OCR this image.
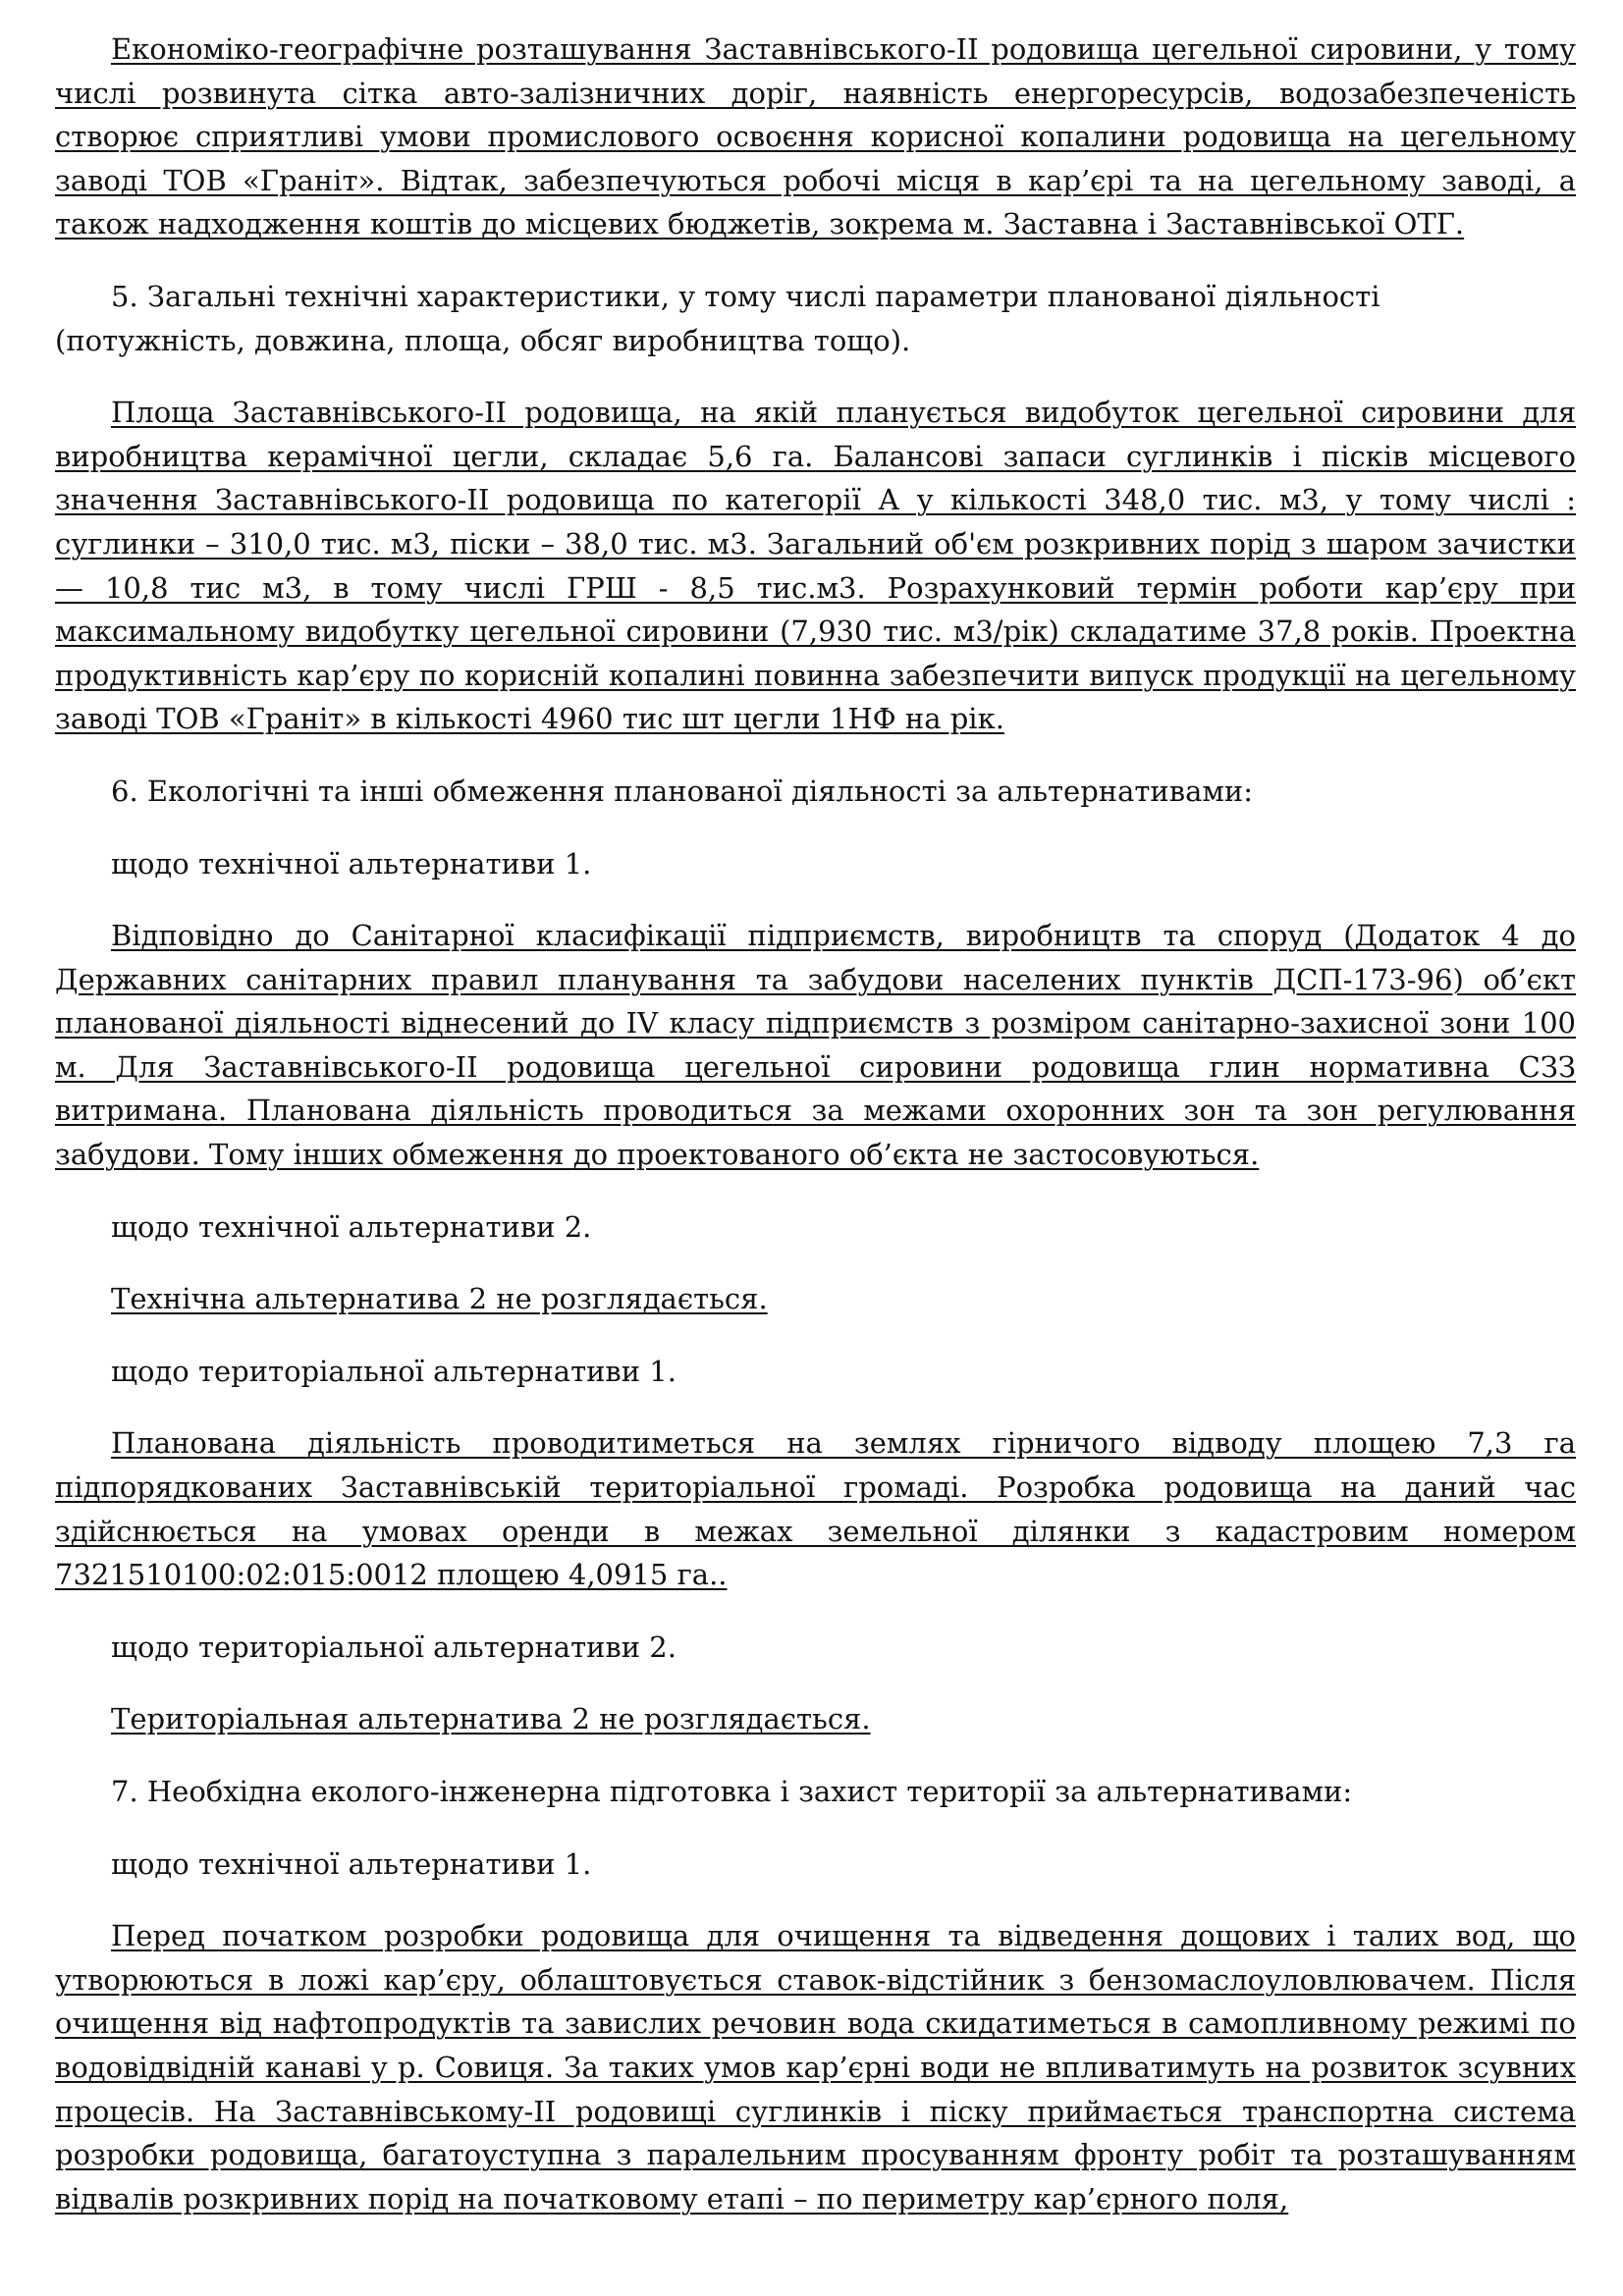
Економіко-географічне розташування Заставнівського-ІІ родовища цегельної сировини, у тому числі розвинута сітка авто-залізничних доріг, наявність енергоресурсів, водозабезпеченість створює сприятливі умови промислового освоєння корисної копалини родовища на цегельному заводі ТОВ «Граніт». Відтак, забезпечуються робочі місця в кар’єрі та на цегельному заводі, а також надходження коштів до місцевих бюджетів, зокрема м. Заставна і Заставнівської ОТГ.

5. Загальні технічні характеристики, у тому числі параметри планованої діяльності (потужність, довжина, площа, обсяг виробництва тощо).

Площа Заставнівського-ІІ родовища, на якій планується видобуток цегельної сировини для виробництва керамічної цегли, складає 5,6 га. Балансові запаси суглинків і пісків місцевого значення Заставнівського-ІІ родовища по категорії А у кількості 348,0 тис. м3, у тому числі : суглинки – 310,0 тис. м3, піски – 38,0 тис. м3. Загальний об'єм розкривних порід з шаром зачистки — 10,8 тис м3, в тому числі ГРШ - 8,5 тис.м3. Розрахунковий термін роботи кар’єру при максимальному видобутку цегельної сировини (7,930 тис. м3/рік) складатиме 37,8 років. Проектна продуктивність кар’єру по корисній копалині повинна забезпечити випуск продукції на цегельному заводі ТОВ «Граніт» в кількості 4960 тис шт цегли 1НФ на рік.

6. Екологічні та інші обмеження планованої діяльності за альтернативами:

щодо технічної альтернативи 1.

Відповідно до Санітарної класифікації підприємств, виробництв та споруд (Додаток 4 до Державних санітарних правил планування та забудови населених пунктів ДСП-173-96) об’єкт планованої діяльності віднесений до IV класу підприємств з розміром санітарно-захисної зони 100 м. Для Заставнівського-ІІ родовища цегельної сировини родовища глин нормативна СЗЗ витримана. Планована діяльність проводиться за межами охоронних зон та зон регулювання забудови. Тому інших обмеження до проектованого об’єкта не застосовуються.

щодо технічної альтернативи 2.

Технічна альтернатива 2 не розглядається.

щодо територіальної альтернативи 1.

Планована діяльність проводитиметься на землях гірничого відводу площею 7,3 га підпорядкованих Заставнівській територіальної громаді. Розробка родовища на даний час здійснюється на умовах оренди в межах земельної ділянки з кадастровим номером 7321510100:02:015:0012 площею 4,0915 га..

щодо територіальної альтернативи 2.

Територіальная альтернатива 2 не розглядається.

7. Необхідна еколого-інженерна підготовка і захист території за альтернативами:

щодо технічної альтернативи 1.

Перед початком розробки родовища для очищення та відведення дощових і талих вод, що утворюються в ложі кар’єру, облаштовується ставок-відстійник з бензомаслоуловлювачем. Після очищення від нафтопродуктів та завислих речовин вода скидатиметься в самопливному режимі по водовідвідній канаві у р. Совиця. За таких умов кар’єрні води не впливатимуть на розвиток зсувних процесів. На Заставнівському-ІІ родовищі суглинків і піску приймається транспортна система розробки родовища, багатоуступна з паралельним просуванням фронту робіт та розташуванням відвалів розкривних порід на початковому етапі – по периметру кар’єрного поля,
